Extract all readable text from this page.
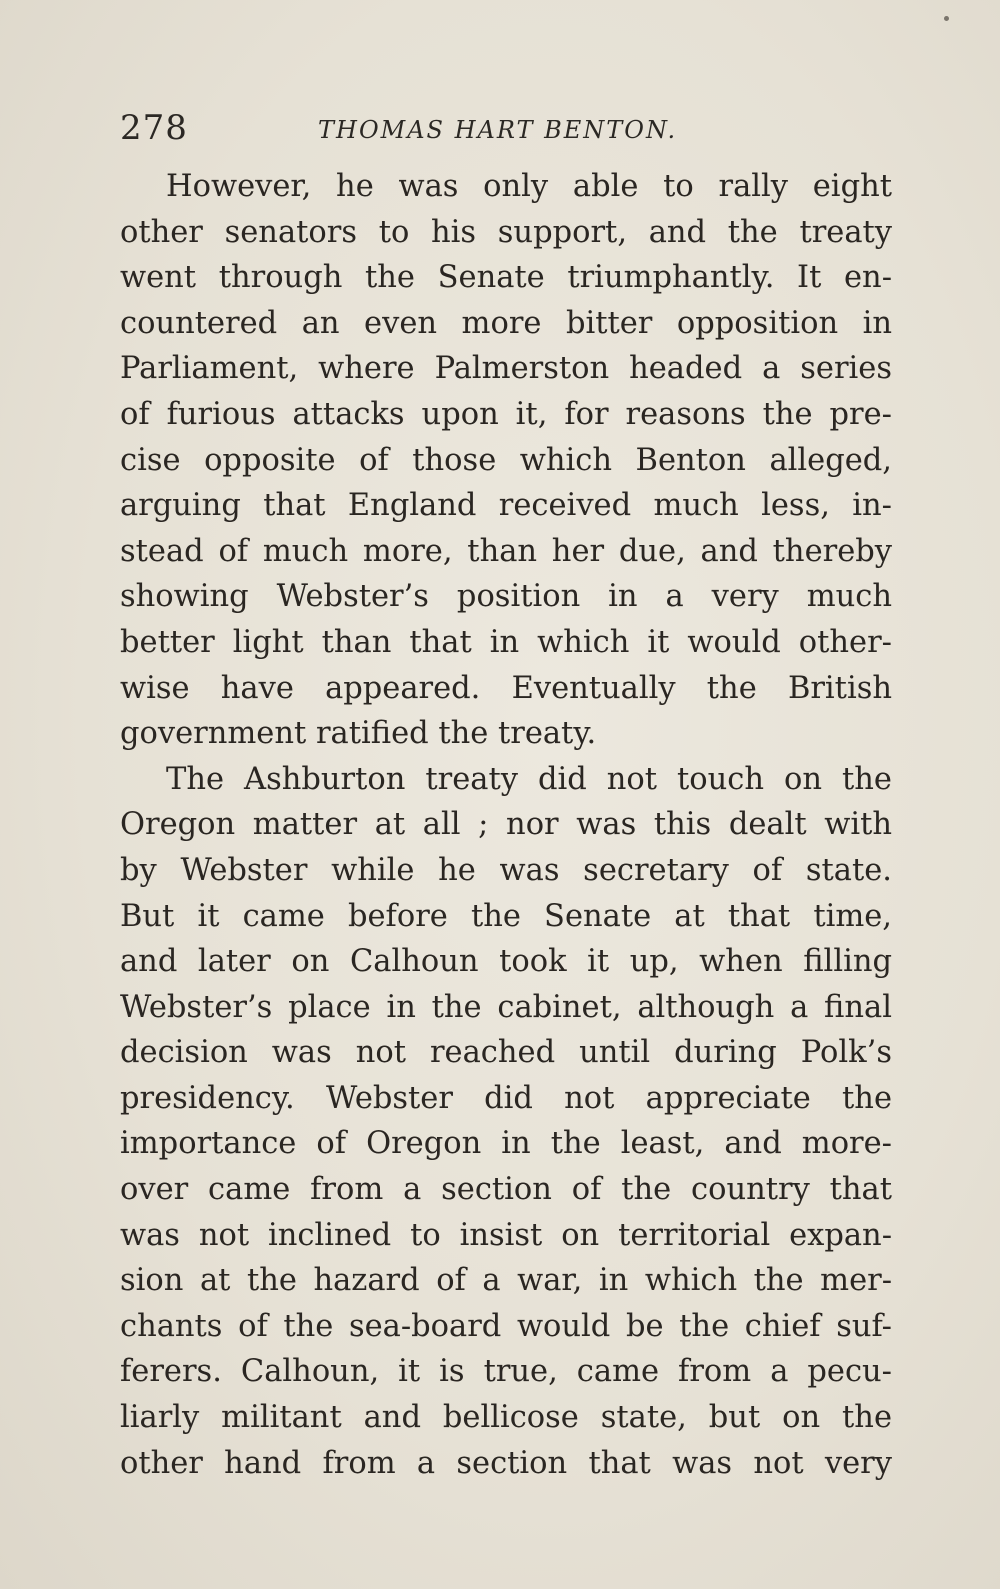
278	THOMAS HART BENTON.
However, he was only able to rally eight
other senators to his support, and the treaty
went through the Senate triumphantly. It en-
countered an even more bitter opposition in
Parliament, where Palmerston headed a series
of furious attacks upon it, for reasons the pre-
cise opposite of those which Benton alleged,
arguing that England received much less, in-
stead of much more, than her due, and thereby
showing Webster’s position in a very much
better light than that in which it would other-
wise have appeared. Eventually the British
government ratified the treaty.
The Ashburton treaty did not touch on the
Oregon matter at all ; nor was this dealt with
by Webster while he was secretary of state.
But it came before the Senate at that time,
and later on Calhoun took it up, when filling
Webster’s place in the cabinet, although a final
decision was not reached until during Polk’s
presidency. Webster did not appreciate the
importance of Oregon in the least, and more-
over came from a section of the country that
was not inclined to insist on territorial expan-
sion at the hazard of a war, in which the mer-
chants of the sea-board would be the chief suf-
ferers. Calhoun, it is true, came from a pecu-
liarly militant and bellicose state, but on the
other hand from a section that was not very
